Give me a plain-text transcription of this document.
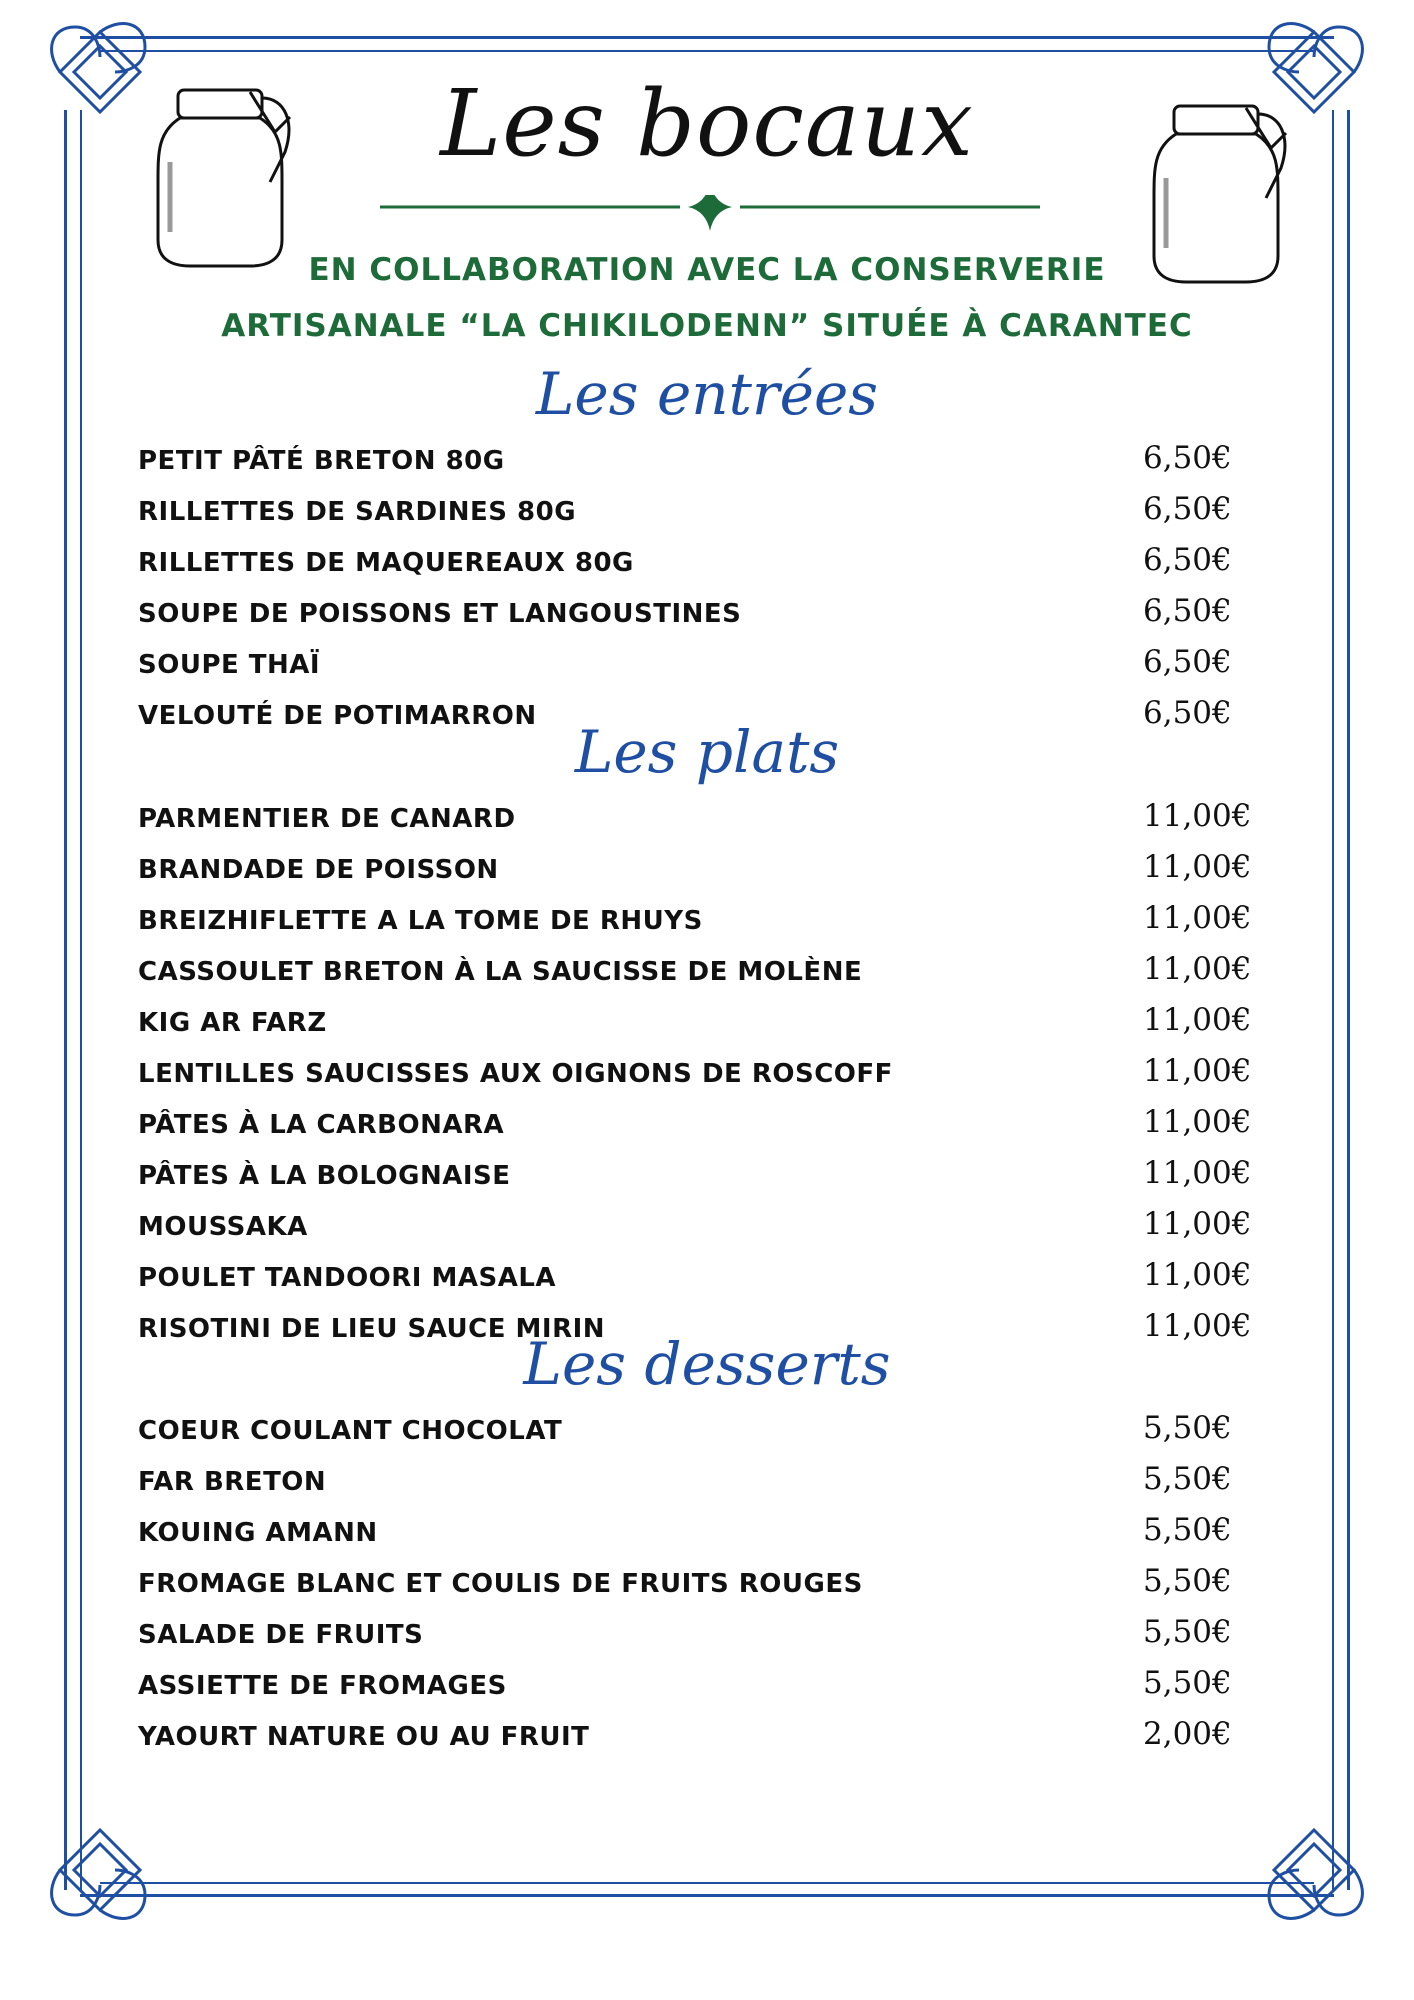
Les bocaux
EN COLLABORATION AVEC LA CONSERVERIE
ARTISANALE “LA CHIKILODENN” SITUÉE À CARANTEC
Les entrées
PETIT PÂTÉ BRETON 80G	6,50€
RILLETTES DE SARDINES 80G	6,50€
RILLETTES DE MAQUEREAUX 80G	6,50€
SOUPE DE POISSONS ET LANGOUSTINES	6,50€
SOUPE THAÏ	6,50€
VELOUTÉ DE POTIMARRON	6,50€
Les plats
PARMENTIER DE CANARD	11,00€
BRANDADE DE POISSON	11,00€
BREIZHIFLETTE A LA TOME DE RHUYS	11,00€
CASSOULET BRETON À LA SAUCISSE DE MOLÈNE	11,00€
KIG AR FARZ	11,00€
LENTILLES SAUCISSES AUX OIGNONS DE ROSCOFF	11,00€
PÂTES À LA CARBONARA	11,00€
PÂTES À LA BOLOGNAISE	11,00€
MOUSSAKA	11,00€
POULET TANDOORI MASALA	11,00€
RISOTINI DE LIEU SAUCE MIRIN	11,00€
Les desserts
COEUR COULANT CHOCOLAT	5,50€
FAR BRETON	5,50€
KOUING AMANN	5,50€
FROMAGE BLANC ET COULIS DE FRUITS ROUGES	5,50€
SALADE DE FRUITS	5,50€
ASSIETTE DE FROMAGES	5,50€
YAOURT NATURE OU AU FRUIT	2,00€
